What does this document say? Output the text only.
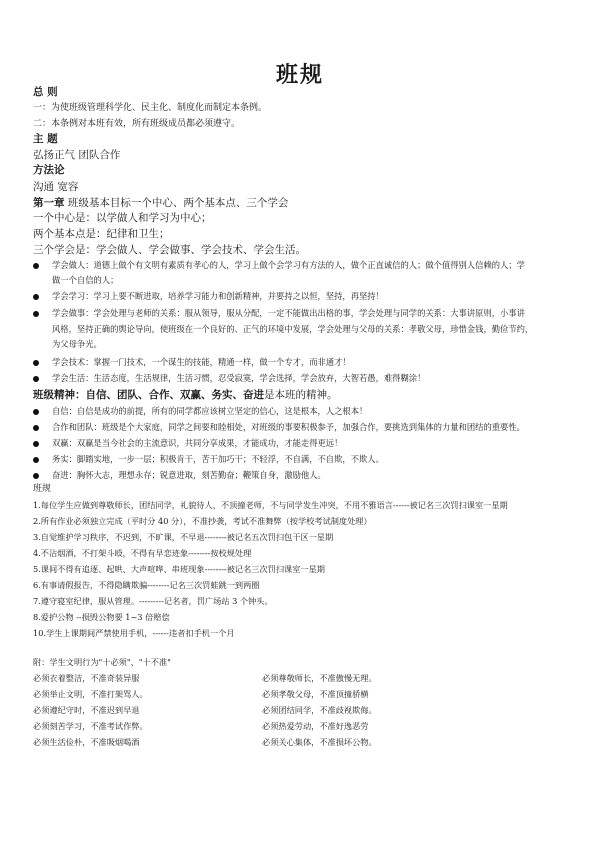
班规
总 则
一：为使班级管理科学化、民主化、制度化而制定本条例。
二：本条例对本班有效，所有班级成员都必须遵守。
主 题
弘扬正气 团队合作
方法论
沟通 宽容
第一章 班级基本目标一个中心、两个基本点、三个学会
一个中心是：以学做人和学习为中心；
两个基本点是：纪律和卫生；
三个学会是：学会做人、学会做事、学会技术、学会生活。
学会做人：道德上做个有文明有素质有孝心的人，学习上做个会学习有方法的人，做个正直诚信的人；做个值得别人信赖的人；学
做一个自信的人；
学会学习：学习上要不断进取，培养学习能力和创新精神，并要持之以恒，坚持，再坚持！
学会做事：学会处理与老师的关系：服从领导，服从分配，一定不能做出出格的事，学会处理与同学的关系：大事讲原则，小事讲
风格，坚持正确的舆论导向，使班级在一个良好的、正气的环境中发展，学会处理与父母的关系：孝敬父母，珍惜金钱，勤俭节约，
为父母争光。
学会技术：掌握一门技术，一个谋生的技能，精通一样，做一个专才，而非通才！
学会生活：生活态度，生活规律，生活习惯，忍受寂寞，学会选择，学会放弃，大智若愚，难得糊涂！
班级精神：自信、团队、合作、双赢、务实、奋进是本班的精神。
自信：自信是成功的前提，所有的同学都应该树立坚定的信心，这是根本，人之根本！
合作和团队：班级是个大家庭，同学之间要和睦相处，对班级的事要积极参予，加强合作，要挑选到集体的力量和团结的重要性。
双赢：双赢是当今社会的主流意识，共同分享成果，才能成功，才能走得更远！
务实：脚踏实地，一步一层；积极肯干，苦干加巧干；不轻浮，不自满，不自欺，不欺人。
奋进：胸怀大志，理想永存；锐意进取，刻苦勤奋；鞭策自身，激励他人。
班规
1.每位学生应做到尊敬师长，团结同学，礼貌待人，不顶撞老师，不与同学发生冲突，不用不雅语言------被记名三次罚扫课室一星期
2.所有作业必须独立完成（平时分 40 分），不准抄袭，考试不准舞弊（按学校考试制度处理）
3.自觉维护学习秩序，不迟到，不旷课，不早退--------被记名五次罚扫包干区一星期
4.不沾烟酒，不打架斗殴，不得有早恋迹象--------按校规处理
5.课间不得有追逐、起哄、大声喧哗、串班现象--------被记名三次罚扫课室一星期
6.有事请假报告，不得隐瞒欺骗--------记名三次罚蛙跳一到两圈
7.遵守寝室纪律，服从管理。---------记名者，罚广场站 3 个钟头。
8.爱护公物 --损毁公物要 1~3 倍赔偿
10.学生上课期间严禁使用手机，------违者扣手机一个月
附：学生文明行为"十必须"、"十不准"
必须衣着整洁，不准奇装异服
必须举止文明，不准打架骂人。
必须遵纪守时，不准迟到早退
必须刻苦学习，不准考试作弊。
必须生活俭朴，不准吸烟喝酒
必须尊敬师长，不准傲慢无理。
必须孝敬父母，不准顶撞骄横
必须团结同学，不准歧视欺侮。
必须热爱劳动，不准好逸恶劳
必须关心集体，不准损坏公物。
